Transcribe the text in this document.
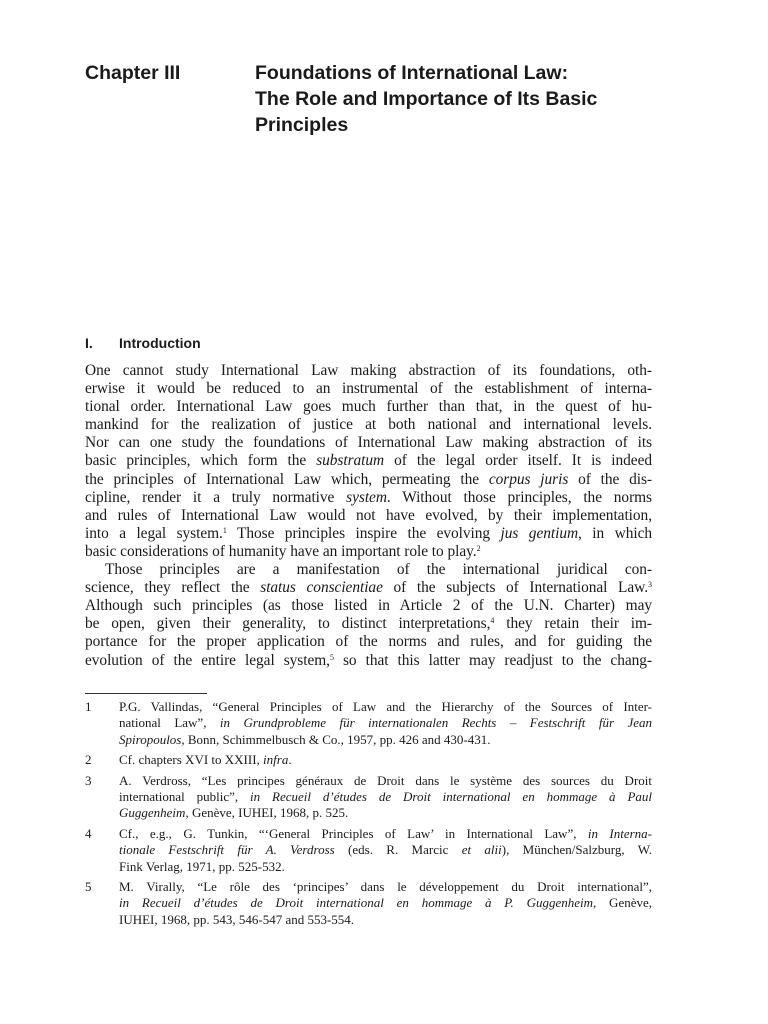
Chapter III	Foundations of International Law:
The Role and Importance of Its Basic
Principles
I. Introduction
One cannot study International Law making abstraction of its foundations, oth-
erwise it would be reduced to an instrumental of the establishment of interna-
tional order. International Law goes much further than that, in the quest of hu-
mankind for the realization of justice at both national and international levels.
Nor can one study the foundations of International Law making abstraction of its
basic principles, which form the substratum of the legal order itself. It is indeed
the principles of International Law which, permeating the corpus juris of the dis-
cipline, render it a truly normative system. Without those principles, the norms
and rules of International Law would not have evolved, by their implementation,
into a legal system.$^1$ Those principles inspire the evolving jus gentium, in which
basic considerations of humanity have an important role to play.$^2$
Those principles are a manifestation of the international juridical con-
science, they reflect the status conscientiae of the subjects of International Law.$^3$
Although such principles (as those listed in Article 2 of the U.N. Charter) may
be open, given their generality, to distinct interpretations,$^4$ they retain their im-
portance for the proper application of the norms and rules, and for guiding the
evolution of the entire legal system,$^5$ so that this latter may readjust to the chang-
1 P.G. Vallindas, “General Principles of Law and the Hierarchy of the Sources of Inter-
national Law”, in Grundprobleme für internationalen Rechts – Festschrift für Jean
Spiropoulos, Bonn, Schimmelbusch & Co., 1957, pp. 426 and 430-431.
2 Cf. chapters XVI to XXIII, infra.
3 A. Verdross, “Les principes généraux de Droit dans le système des sources du Droit
international public”, in Recueil d’études de Droit international en hommage à Paul
Guggenheim, Genève, IUHEI, 1968, p. 525.
4 Cf., e.g., G. Tunkin, “‘General Principles of Law’ in International Law”, in Interna-
tionale Festschrift für A. Verdross (eds. R. Marcic et alii), München/Salzburg, W.
Fink Verlag, 1971, pp. 525-532.
5 M. Virally, “Le rôle des ‘principes’ dans le développement du Droit international”,
in Recueil d’études de Droit international en hommage à P. Guggenheim, Genève,
IUHEI, 1968, pp. 543, 546-547 and 553-554.
